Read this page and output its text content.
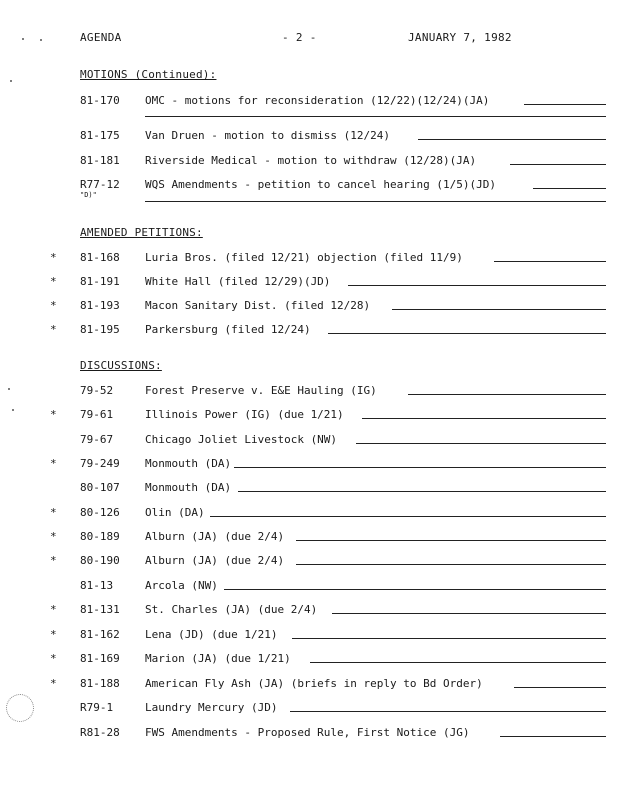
AGENDA	- 2 -	JANUARY 7, 1982
MOTIONS (Continued):
81-170 OMC - motions for reconsideration (12/22)(12/24)(JA)
81-175 Van Druen - motion to dismiss (12/24)
81-181 Riverside Medical - motion to withdraw (12/28)(JA)
R77-12 WQS Amendments - petition to cancel hearing (1/5)(JD)
"D)"
AMENDED PETITIONS:
* 81-168 Luria Bros. (filed 12/21) objection (filed 11/9)
* 81-191 White Hall (filed 12/29)(JD)
* 81-193 Macon Sanitary Dist. (filed 12/28)
* 81-195 Parkersburg (filed 12/24)
DISCUSSIONS:
79-52	Forest Preserve v. E&E Hauling (IG)
* 79-61	Illinois Power (IG) (due 1/21)
79-67	Chicago Joliet Livestock (NW)
* 79-249 Monmouth (DA)
80-107 Monmouth (DA)
* 80-126 Olin (DA)
* 80-189 Alburn (JA) (due 2/4)
* 80-190 Alburn (JA) (due 2/4)
81-13	Arcola (NW)
* 81-131 St. Charles (JA) (due 2/4)
* 81-162 Lena (JD) (due 1/21)
* 81-169 Marion (JA) (due 1/21)
* 81-188 American Fly Ash (JA) (briefs in reply to Bd Order)
R79-1	Laundry Mercury (JD)
R81-28 FWS Amendments - Proposed Rule, First Notice (JG)
